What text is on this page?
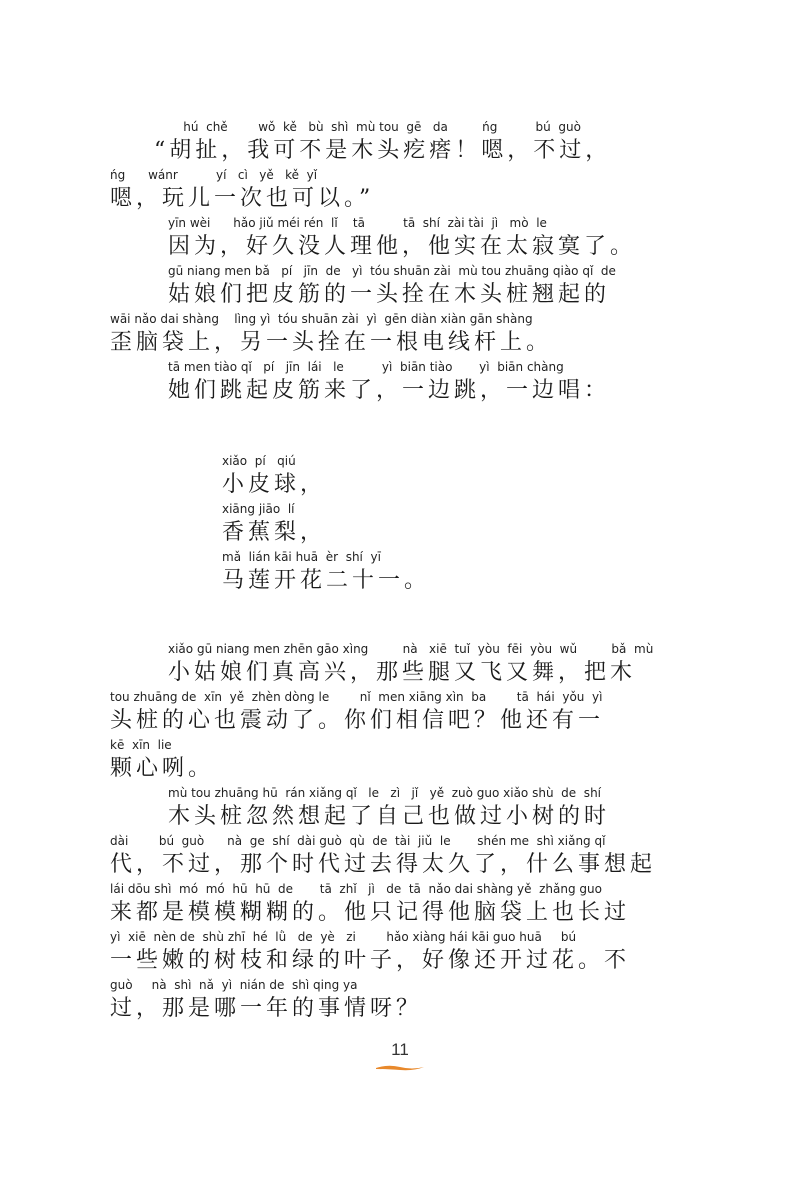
hú  chě        wǒ  kě   bù  shì  mù tou  gē   da         ńg          bú  guò
“胡扯，我可不是木头疙瘩！嗯，不过，
ńg      wánr          yí   cì   yě   kě  yǐ
嗯，玩儿一次也可以。”
yīn wèi      hǎo jiǔ méi rén  lǐ    tā          tā  shí  zài tài  jì   mò  le
因为，好久没人理他，他实在太寂寞了。
gū niang men bǎ   pí   jīn  de   yì  tóu shuān zài  mù tou zhuāng qiào qǐ  de
姑娘们把皮筋的一头拴在木头桩翘起的
wāi nǎo dai shàng    lìng yì  tóu shuān zài  yì  gēn diàn xiàn gān shàng
歪脑袋上，另一头拴在一根电线杆上。
tā men tiào qǐ   pí   jīn  lái   le          yì  biān tiào       yì  biān chàng
她们跳起皮筋来了，一边跳，一边唱：
xiǎo  pí   qiú
小皮球，
xiāng jiāo  lí
香蕉梨，
mǎ  lián kāi huā  èr  shí  yī
马莲开花二十一。
xiǎo gū niang men zhēn gāo xìng         nà   xiē  tuǐ  yòu  fēi  yòu  wǔ         bǎ  mù
小姑娘们真高兴，那些腿又飞又舞，把木
tou zhuāng de  xīn  yě  zhèn dòng le        nǐ  men xiāng xìn  ba        tā  hái  yǒu  yì
头桩的心也震动了。你们相信吧？他还有一
kē  xīn  lie
颗心咧。
mù tou zhuāng hū  rán xiǎng qǐ   le   zì   jǐ   yě  zuò guo xiǎo shù  de  shí
木头桩忽然想起了自己也做过小树的时
dài        bú  guò      nà  ge  shí  dài guò  qù  de  tài  jiǔ  le       shén me  shì xiǎng qǐ
代，不过，那个时代过去得太久了，什么事想起
lái dōu shì  mó  mó  hū  hū  de       tā  zhǐ   jì   de  tā  nǎo dai shàng yě  zhǎng guo
来都是模模糊糊的。他只记得他脑袋上也长过
yì  xiē  nèn de  shù zhī  hé  lǜ   de  yè   zi        hǎo xiàng hái kāi guo huā     bú
一些嫩的树枝和绿的叶子，好像还开过花。不
guò     nà  shì  nǎ  yì  nián de  shì qing ya
过，那是哪一年的事情呀？
11
